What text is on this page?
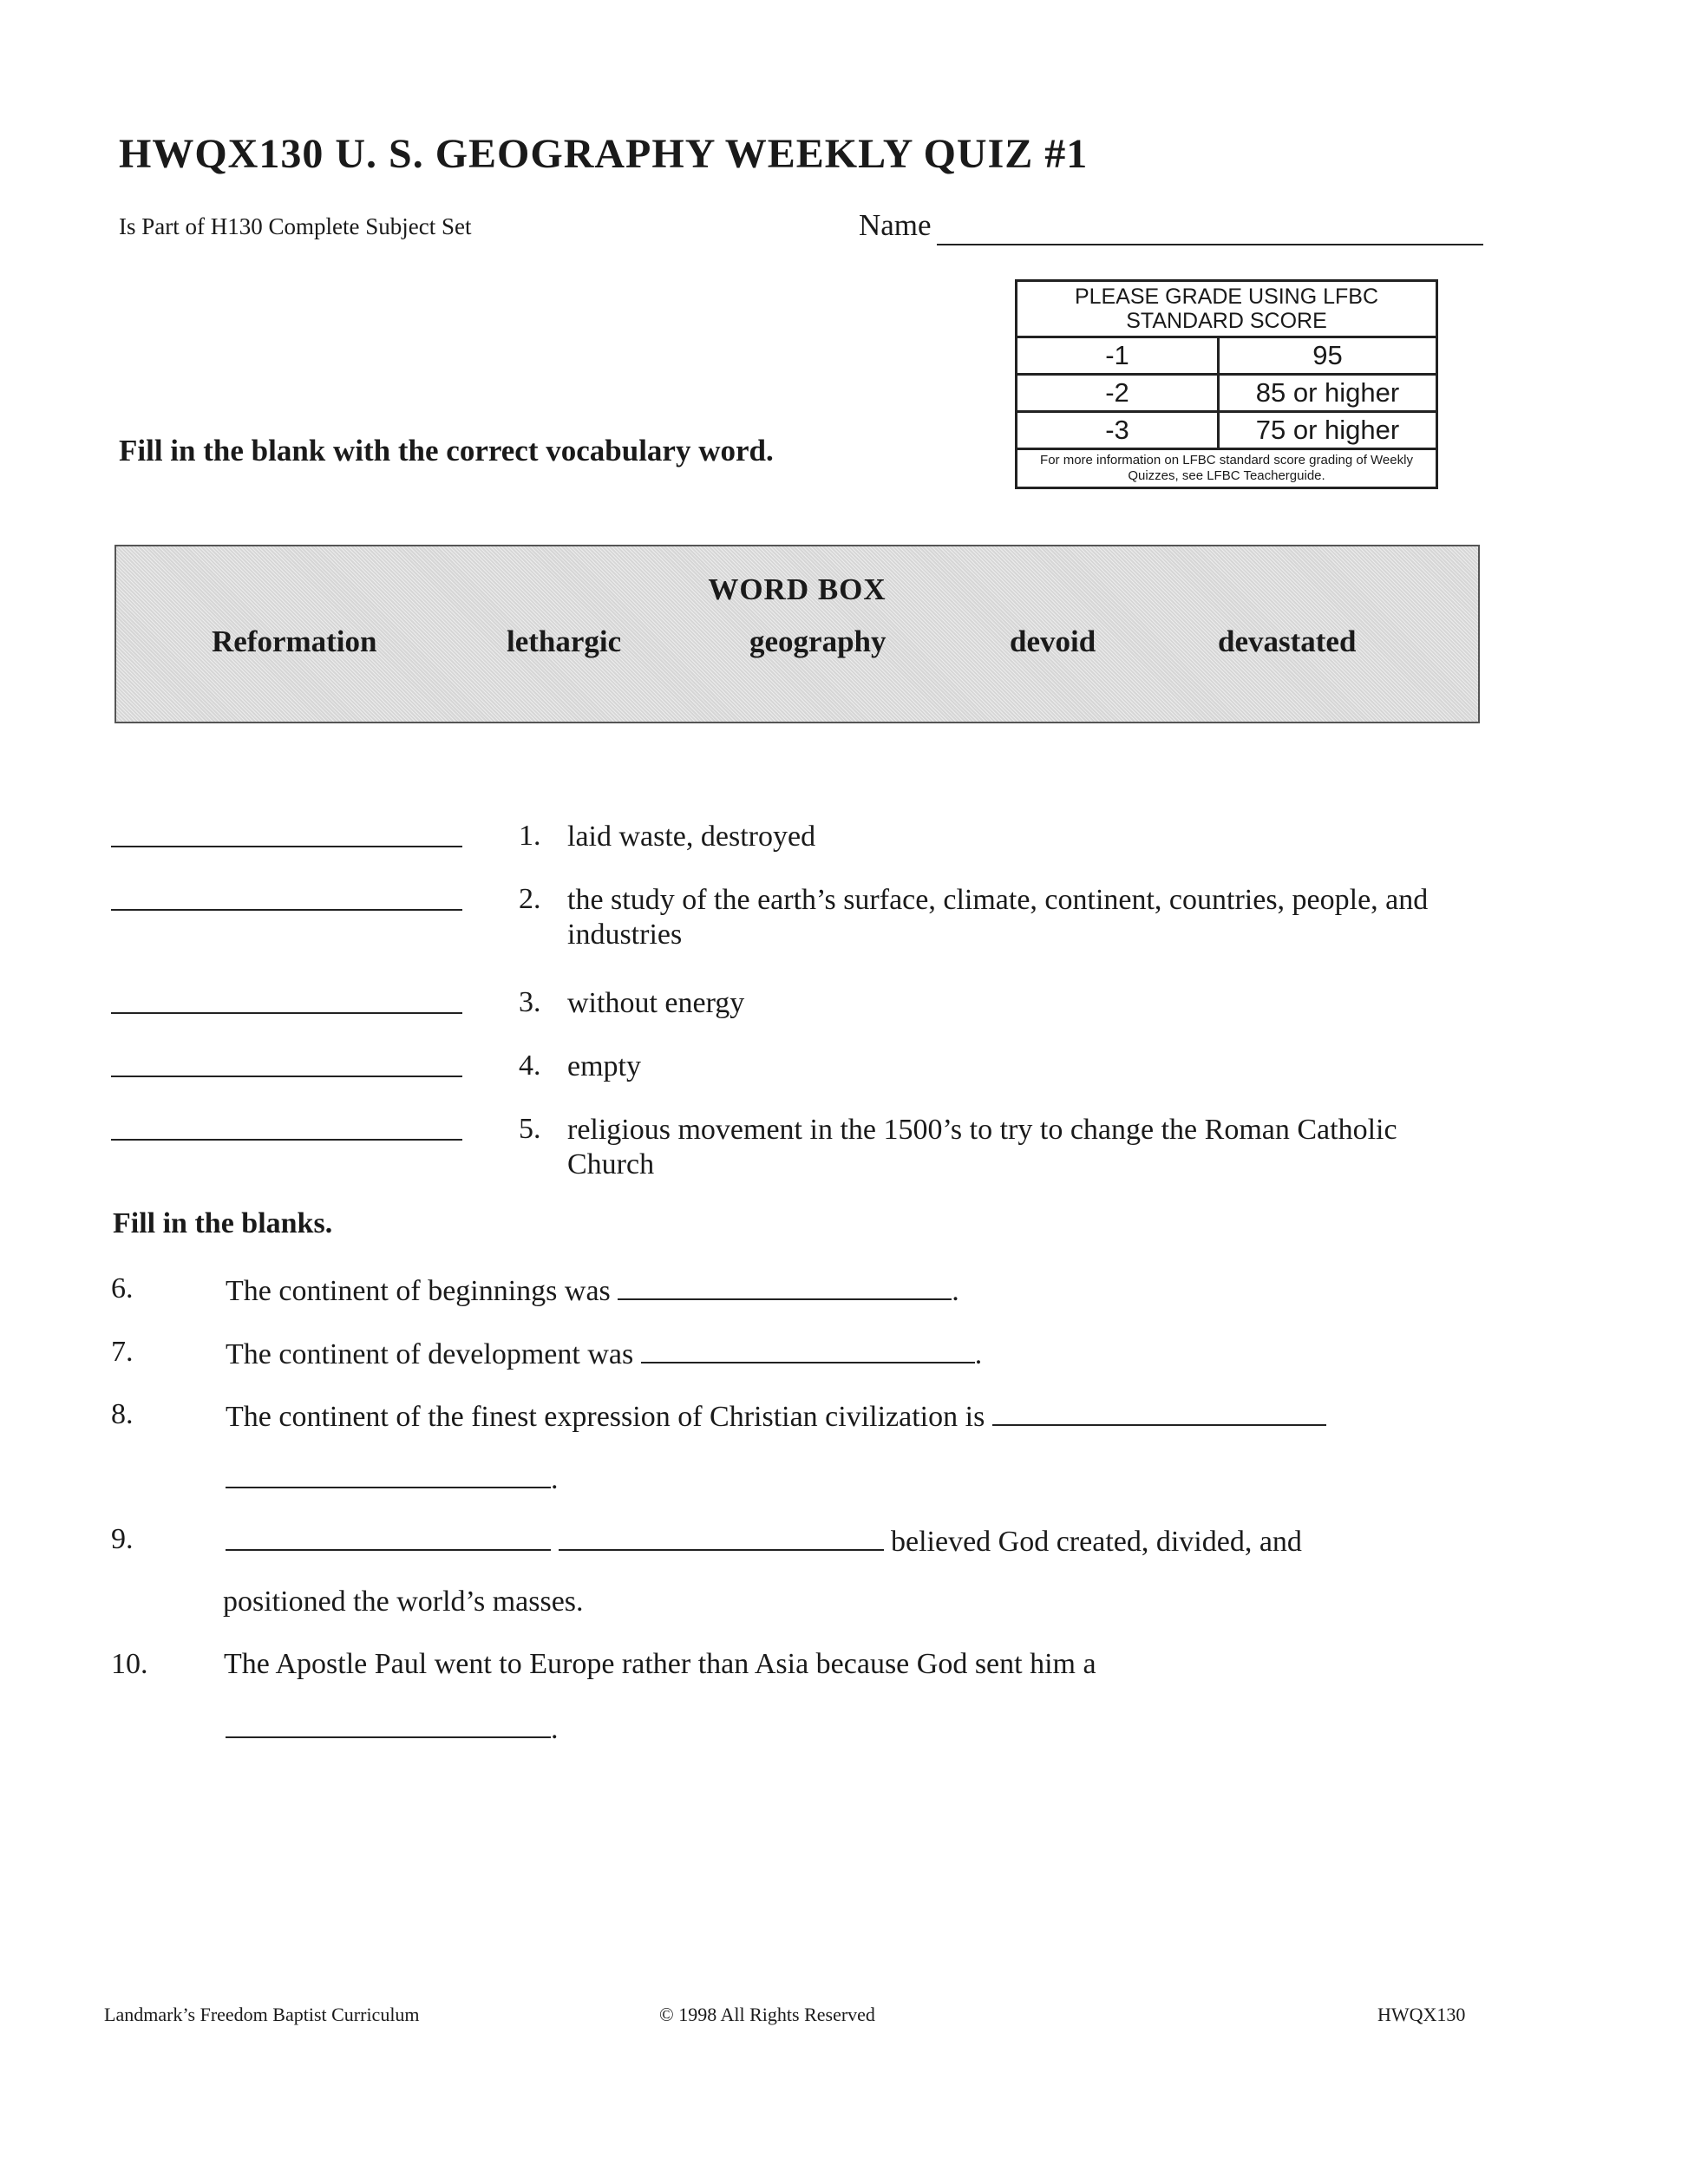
HWQX130 U. S. GEOGRAPHY WEEKLY QUIZ #1
Is Part of H130 Complete Subject Set	Name
PLEASE GRADE USING LFBC STANDARD SCORE
-1	95
-2	85 or higher
-3	75 or higher
For more information on LFBC standard score grading of Weekly Quizzes, see LFBC Teacherguide.
Fill in the blank with the correct vocabulary word.
WORD BOX
Reformation	lethargic	geography	devoid	devastated
1. laid waste, destroyed
2. the study of the earth’s surface, climate, continent, countries, people, and industries
3. without energy
4. empty
5. religious movement in the 1500’s to try to change the Roman Catholic Church
Fill in the blanks.
6.	The continent of beginnings was	.
7.	The continent of development was	.
8.	The continent of the finest expression of Christian civilization is
.
9.	believed God created, divided, and
positioned the world’s masses.
10.	The Apostle Paul went to Europe rather than Asia because God sent him a
.
Landmark’s Freedom Baptist Curriculum	© 1998 All Rights Reserved	HWQX130
